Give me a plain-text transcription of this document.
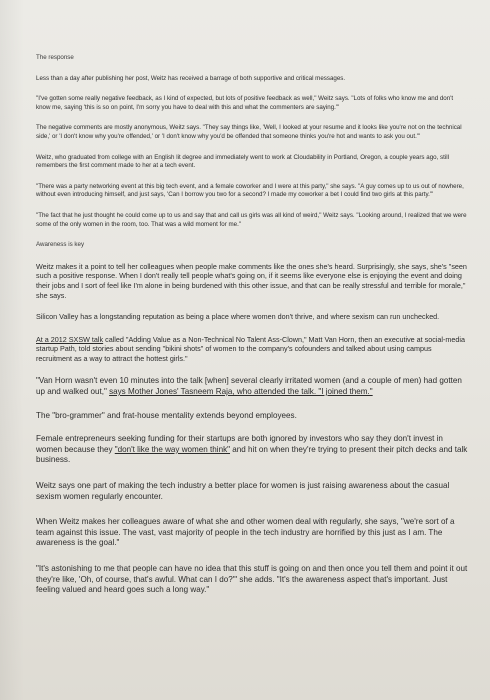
The response

Less than a day after publishing her post, Weitz has received a barrage of both supportive and critical messages.

"I've gotten some really negative feedback, as I kind of expected, but lots of positive feedback as well," Weitz says. "Lots of folks who know me and don't know me, saying 'this is so on point, I'm sorry you have to deal with this and what the commenters are saying.'"

The negative comments are mostly anonymous, Weitz says. "They say things like, 'Well, I looked at your resume and it looks like you're not on the technical side,' or 'I don't know why you're offended,' or 'I don't know why you'd be offended that someone thinks you're hot and wants to ask you out.'"

Weitz, who graduated from college with an English lit degree and immediately went to work at Cloudability in Portland, Oregon, a couple years ago, still remembers the first comment made to her at a tech event.

"There was a party networking event at this big tech event, and a female coworker and I were at this party," she says. "A guy comes up to us out of nowhere, without even introducing himself, and just says, 'Can I borrow you two for a second? I made my coworker a bet I could find two girls at this party.'"

"The fact that he just thought he could come up to us and say that and call us girls was all kind of weird," Weitz says. "Looking around, I realized that we were some of the only women in the room, too. That was a wild moment for me."

Awareness is key

Weitz makes it a point to tell her colleagues when people make comments like the ones she's heard. Surprisingly, she says, she's "seen such a positive response. When I don't really tell people what's going on, if it seems like everyone else is enjoying the event and doing their jobs and I sort of feel like I'm alone in being burdened with this other issue, and that can be really stressful and terrible for morale," she says.

Silicon Valley has a longstanding reputation as being a place where women don't thrive, and where sexism can run unchecked.

At a 2012 SXSW talk called "Adding Value as a Non-Technical No Talent Ass-Clown," Matt Van Horn, then an executive at social-media startup Path, told stories about sending "bikini shots" of women to the company's cofounders and talked about using campus recruitment as a way to attract the hottest girls."

"Van Horn wasn't even 10 minutes into the talk [when] several clearly irritated women (and a couple of men) had gotten up and walked out," says Mother Jones' Tasneem Raja, who attended the talk. "I joined them."

The "bro-grammer" and frat-house mentality extends beyond employees.

Female entrepreneurs seeking funding for their startups are both ignored by investors who say they don't invest in women because they "don't like the way women think" and hit on when they're trying to present their pitch decks and talk business.

Weitz says one part of making the tech industry a better place for women is just raising awareness about the casual sexism women regularly encounter.

When Weitz makes her colleagues aware of what she and other women deal with regularly, she says, "we're sort of a team against this issue. The vast, vast majority of people in the tech industry are horrified by this just as I am. The awareness is the goal."

"It's astonishing to me that people can have no idea that this stuff is going on and then once you tell them and point it out they're like, 'Oh, of course, that's awful. What can I do?'" she adds. "It's the awareness aspect that's important. Just feeling valued and heard goes such a long way."
